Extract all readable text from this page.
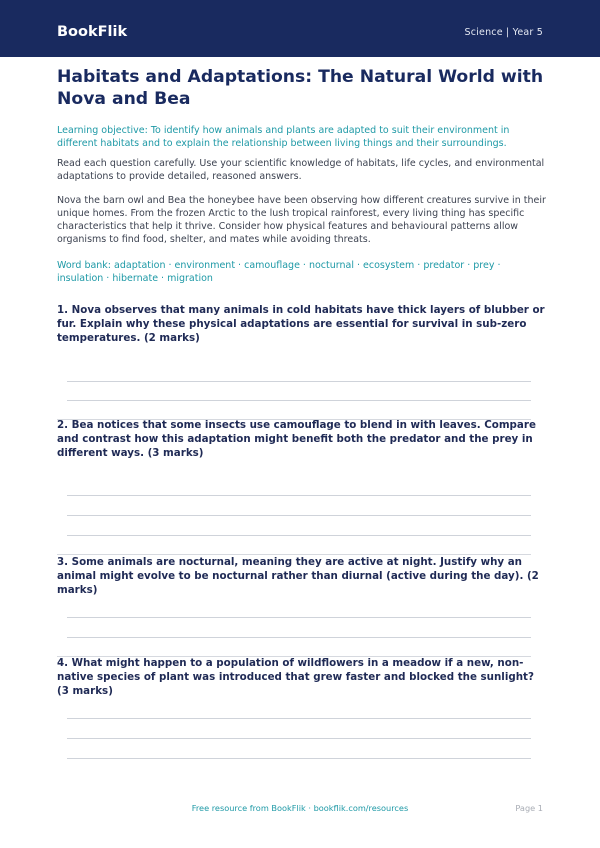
BookFlik	Science | Year 5
Habitats and Adaptations: The Natural World with Nova and Bea

Learning objective: To identify how animals and plants are adapted to suit their environment in different habitats and to explain the relationship between living things and their surroundings.

Read each question carefully. Use your scientific knowledge of habitats, life cycles, and environmental adaptations to provide detailed, reasoned answers.

Nova the barn owl and Bea the honeybee have been observing how different creatures survive in their unique homes. From the frozen Arctic to the lush tropical rainforest, every living thing has specific characteristics that help it thrive. Consider how physical features and behavioural patterns allow organisms to find food, shelter, and mates while avoiding threats.

Word bank: adaptation · environment · camouflage · nocturnal · ecosystem · predator · prey · insulation · hibernate · migration

1. Nova observes that many animals in cold habitats have thick layers of blubber or fur. Explain why these physical adaptations are essential for survival in sub-zero temperatures. (2 marks)

2. Bea notices that some insects use camouflage to blend in with leaves. Compare and contrast how this adaptation might benefit both the predator and the prey in different ways. (3 marks)

3. Some animals are nocturnal, meaning they are active at night. Justify why an animal might evolve to be nocturnal rather than diurnal (active during the day). (2 marks)

4. What might happen to a population of wildflowers in a meadow if a new, non-native species of plant was introduced that grew faster and blocked the sunlight? (3 marks)

Free resource from BookFlik · bookflik.com/resources	Page 1
